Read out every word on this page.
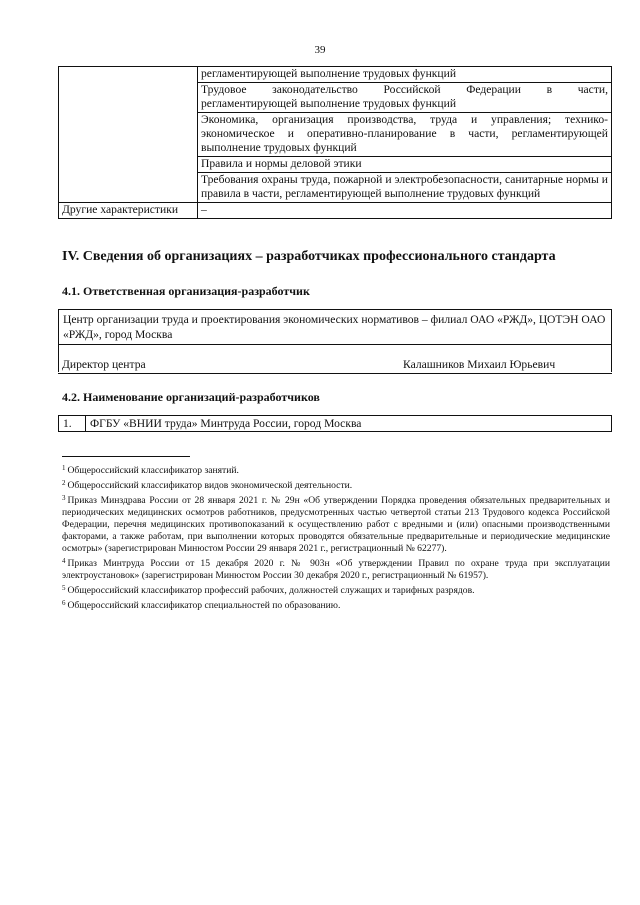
39
	регламентирующей выполнение трудовых функций

	Трудовое законодательство Российской Федерации в части,
регламентирующей выполнение трудовых функций
	Экономика, организация производства, труда и управления; технико-экономическое и оперативно-планирование в части, регламентирующей выполнение трудовых функций
	Правила и нормы деловой этики
	Требования охраны труда, пожарной и электробезопасности, санитарные нормы и правила в части, регламентирующей выполнение трудовых функций
Другие характеристики	–
IV. Сведения об организациях – разработчиках профессионального стандарта
4.1. Ответственная организация-разработчик
Центр организации труда и проектирования экономических нормативов – филиал ОАО «РЖД», ЦОТЭН ОАО «РЖД», город Москва
Директор центра	Калашников Михаил Юрьевич
4.2. Наименование организаций-разработчиков
1.	ФГБУ «ВНИИ труда» Минтруда России, город Москва

$^1$ Общероссийский классификатор занятий.

$^2$ Общероссийский классификатор видов экономической деятельности.

$^3$ Приказ Минздрава России от 28 января 2021 г. № 29н «Об утверждении Порядка проведения обязательных предварительных и периодических медицинских осмотров работников, предусмотренных частью четвертой статьи 213 Трудового кодекса Российской Федерации, перечня медицинских противопоказаний к осуществлению работ с вредными и (или) опасными производственными факторами, а также работам, при выполнении которых проводятся обязательные предварительные и периодические медицинские осмотры» (зарегистрирован Минюстом России 29 января 2021 г., регистрационный № 62277).

$^4$ Приказ Минтруда России от 15 декабря 2020 г. № 903н «Об утверждении Правил по охране труда при эксплуатации электроустановок» (зарегистрирован Минюстом России 30 декабря 2020 г., регистрационный № 61957).

$^5$ Общероссийский классификатор профессий рабочих, должностей служащих и тарифных разрядов.

$^6$ Общероссийский классификатор специальностей по образованию.
